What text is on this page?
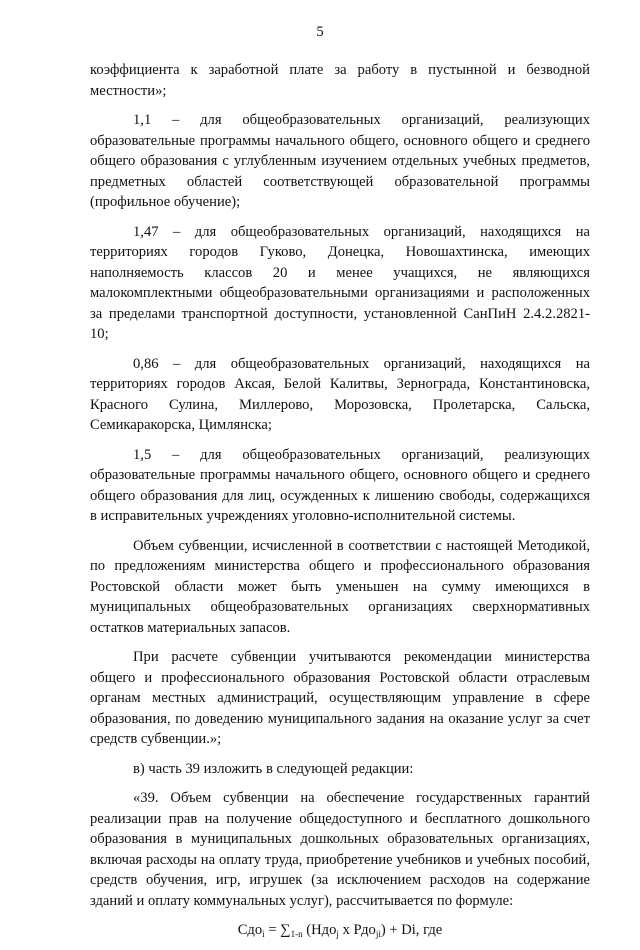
5

коэффициента к заработной плате за работу в пустынной и безводной местности»;

1,1 – для общеобразовательных организаций, реализующих образовательные программы начального общего, основного общего и среднего общего образования с углубленным изучением отдельных учебных предметов, предметных областей соответствующей образовательной программы (профильное обучение);

1,47 – для общеобразовательных организаций, находящихся на территориях городов Гуково, Донецка, Новошахтинска, имеющих наполняемость классов 20 и менее учащихся, не являющихся малокомплектными общеобразовательными организациями и расположенных за пределами транспортной доступности, установленной СанПиН 2.4.2.2821-10;

0,86 – для общеобразовательных организаций, находящихся на территориях городов Аксая, Белой Калитвы, Зернограда, Константиновска, Красного Сулина, Миллерово, Морозовска, Пролетарска, Сальска, Семикаракорска, Цимлянска;

1,5 – для общеобразовательных организаций, реализующих образовательные программы начального общего, основного общего и среднего общего образования для лиц, осужденных к лишению свободы, содержащихся в исправительных учреждениях уголовно-исполнительной системы.

Объем субвенции, исчисленной в соответствии с настоящей Методикой, по предложениям министерства общего и профессионального образования Ростовской области может быть уменьшен на сумму имеющихся в муниципальных общеобразовательных организациях сверхнормативных остатков материальных запасов.

При расчете субвенции учитываются рекомендации министерства общего и профессионального образования Ростовской области отраслевым органам местных администраций, осуществляющим управление в сфере образования, по доведению муниципального задания на оказание услуг за счет средств субвенции.»;

в) часть 39 изложить в следующей редакции:

«39. Объем субвенции на обеспечение государственных гарантий реализации прав на получение общедоступного и бесплатного дошкольного образования в муниципальных дошкольных образовательных организациях, включая расходы на оплату труда, приобретение учебников и учебных пособий, средств обучения, игр, игрушек (за исключением расходов на содержание зданий и оплату коммунальных услуг), рассчитывается по формуле:

$Сдо_i = \sum_{1-n}$ (Ндо$_j$ х Рдо$_{ji}$) + Di, где
